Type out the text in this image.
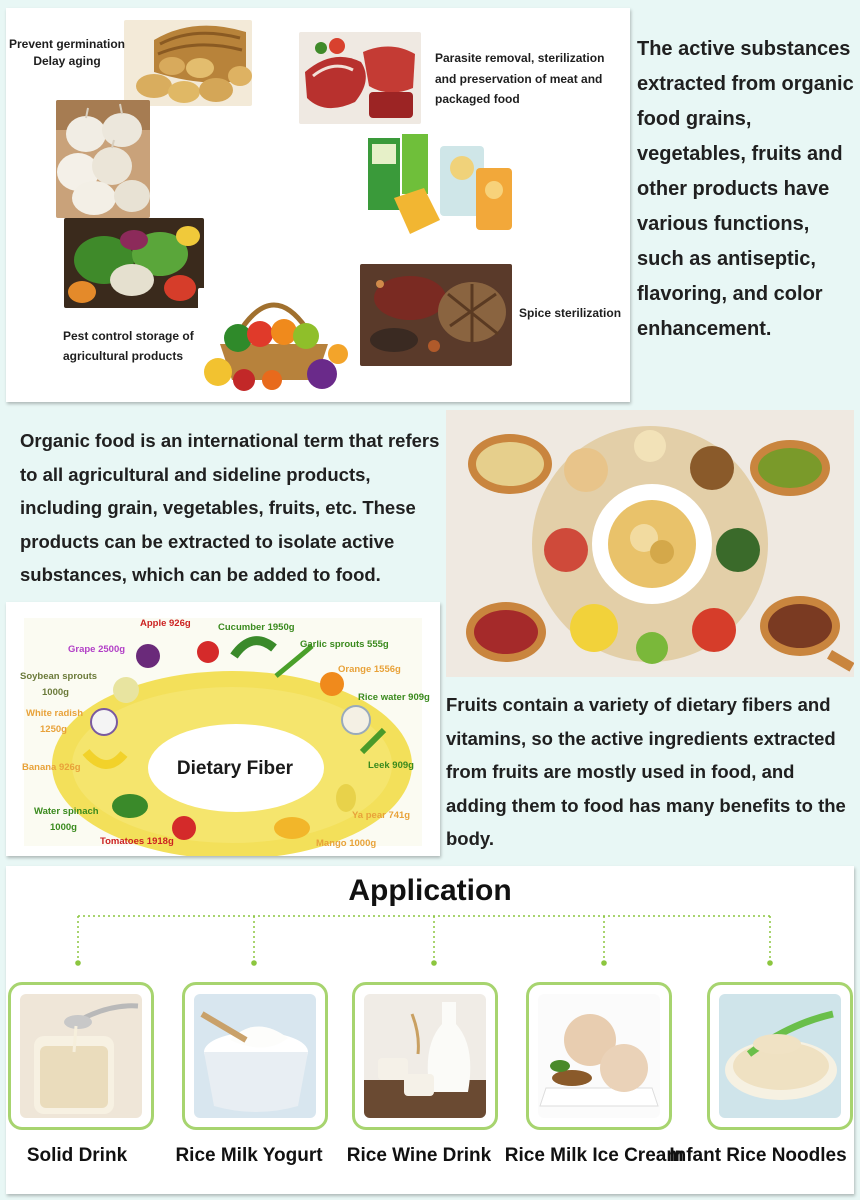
Prevent germination
Delay aging
Pest control storage of
agricultural products
Parasite removal, sterilization
and preservation of meat and
packaged food
Spice sterilization

The active substances extracted from organic food grains, vegetables, fruits and other products have various functions, such as antiseptic, flavoring, and color enhancement.

Organic food is an international term that refers to all agricultural and sideline products, including grain, vegetables, fruits, etc. These products can be extracted to isolate active substances, which can be added to food.

Dietary Fiber
Apple 926g	Cucumber 1950g
Grape 2500g	Garlic sprouts 555g
Orange 1556g
Soybean sprouts
1000g	Rice water 909g
White radish
1250g
Banana 926g	Leek 909g
Water spinach
1000g
Ya pear 741g
Tomatoes 1918g	Mango 1000g

Fruits contain a variety of dietary fibers and vitamins, so the active ingredients extracted from fruits are mostly used in food, and adding them to food has many benefits to the body.

Application
Solid Drink	Rice Milk Yogurt	Rice Wine Drink Rice Milk Ice Cream
Infant Rice Noodles
